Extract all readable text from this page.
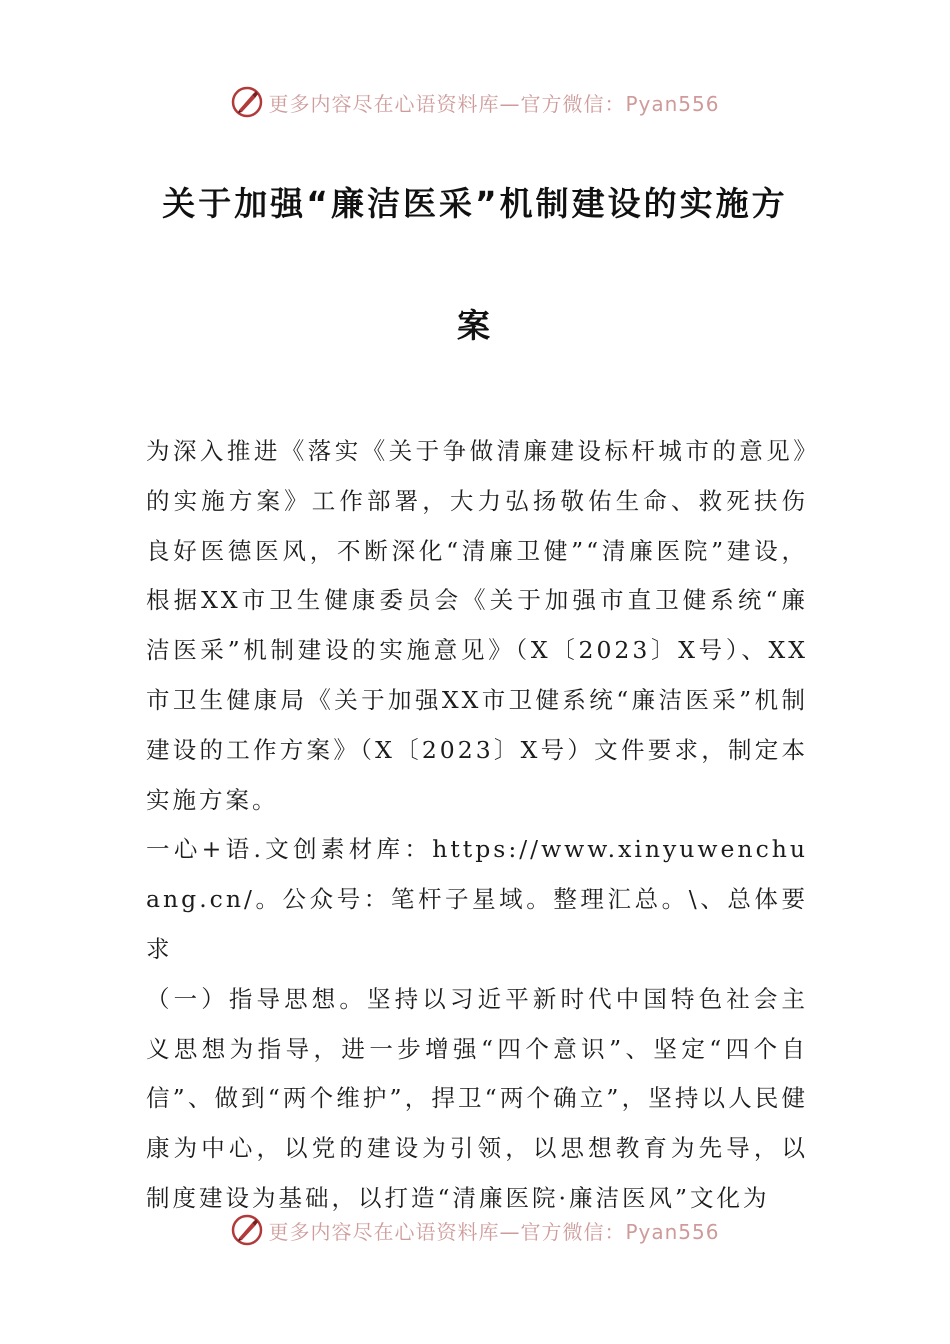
更多内容尽在心语资料库—官方微信：Pyan556
关于加强“廉洁医采”机制建设的实施方
案

为深入推进《落实《关于争做清廉建设标杆城市的意见》的实施方案》工作部署，大力弘扬敬佑生命、救死扶伤良好医德医风，不断深化“清廉卫健”“清廉医院”建设，根据XX市卫生健康委员会《关于加强市直卫健系统“廉洁医采”机制建设的实施意见》（X〔2023〕X号）、XX市卫生健康局《关于加强XX市卫健系统“廉洁医采”机制建设的工作方案》（X〔2023〕X号）文件要求，制定本实施方案。

一心+语.文创素材库：https://www.xinyuwenchuang.cn/。公众号：笔杆子星域。整理汇总。\、总体要求

（一）指导思想。坚持以习近平新时代中国特色社会主义思想为指导，进一步增强“四个意识”、坚定“四个自信”、做到“两个维护”，捍卫“两个确立”，坚持以人民健康为中心，以党的建设为引领，以思想教育为先导，以制度建设为基础，以打造“清廉医院·廉洁医风”文化为

更多内容尽在心语资料库—官方微信：Pyan556
